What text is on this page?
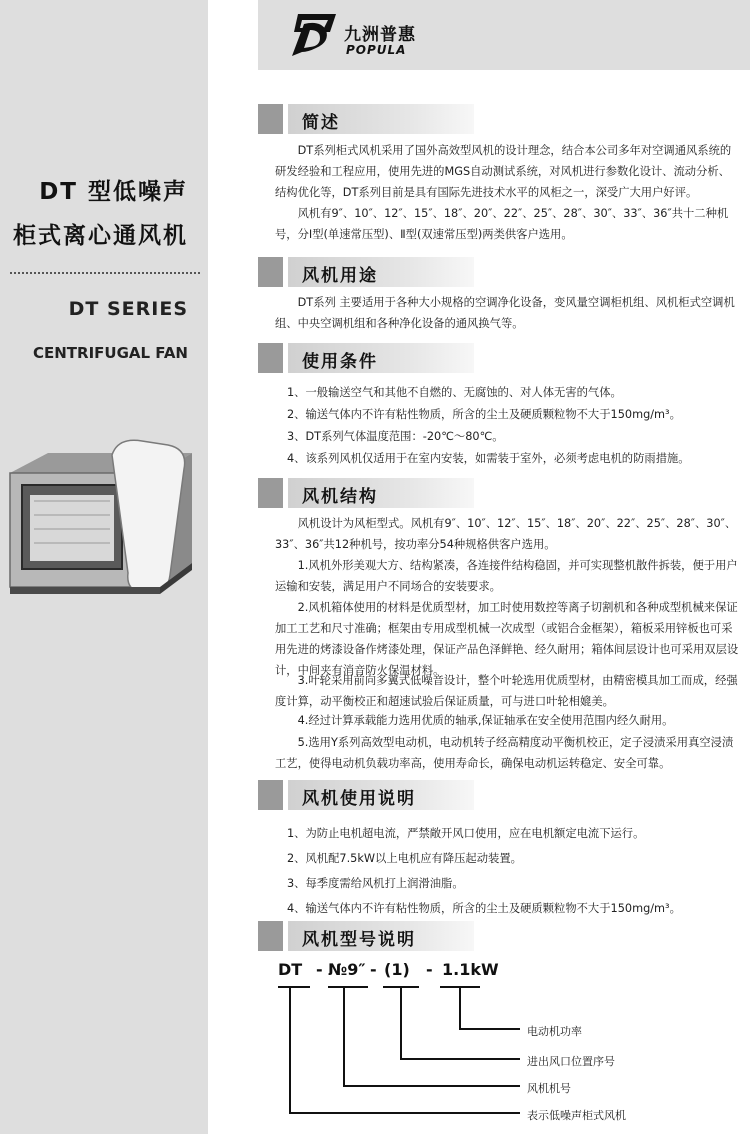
DT 型低噪声
柜式离心通风机
DT SERIES
CENTRIFUGAL FAN
九洲普惠
POPULA
简述

DT系列柜式风机采用了国外高效型风机的设计理念，结合本公司多年对空调通风系统的研发经验和工程应用，使用先进的MGS自动测试系统，对风机进行参数化设计、流动分析、结构优化等，DT系列目前是具有国际先进技术水平的风柜之一，深受广大用户好评。

风机有9″、10″、12″、15″、18″、20″、22″、25″、28″、30″、33″、36″共十二种机号，分Ⅰ型(单速常压型)、Ⅱ型(双速常压型)两类供客户选用。

风机用途

DT系列 主要适用于各种大小规格的空调净化设备，变风量空调柜机组、风机柜式空调机组、中央空调机组和各种净化设备的通风换气等。

使用条件

1、一般输送空气和其他不自燃的、无腐蚀的、对人体无害的气体。

2、输送气体内不许有粘性物质，所含的尘土及硬质颗粒物不大于150mg/m³。

3、DT系列气体温度范围：-20℃～80℃。

4、该系列风机仅适用于在室内安装，如需装于室外，必须考虑电机的防雨措施。

风机结构

风机设计为风柜型式。风机有9″、10″、12″、15″、18″、20″、22″、25″、28″、30″、33″、36″共12种机号，按功率分54种规格供客户选用。

1.风机外形美观大方、结构紧凑，各连接件结构稳固，并可实现整机散件拆装，便于用户运输和安装，满足用户不同场合的安装要求。

2.风机箱体使用的材料是优质型材，加工时使用数控等离子切割机和各种成型机械来保证加工工艺和尺寸准确；框架由专用成型机械一次成型（或铝合金框架），箱板采用锌板也可采用先进的烤漆设备作烤漆处理，保证产品色泽鲜艳、经久耐用；箱体间层设计也可采用双层设计，中间夹有消音防火保温材料。

3.叶轮采用前向多翼式低噪音设计，整个叶轮选用优质型材，由精密模具加工而成，经强度计算，动平衡校正和超速试验后保证质量，可与进口叶轮相媲美。

4.经过计算承载能力选用优质的轴承,保证轴承在安全使用范围内经久耐用。

5.选用Y系列高效型电动机，电动机转子经高精度动平衡机校正，定子浸渍采用真空浸渍工艺，使得电动机负载功率高，使用寿命长，确保电动机运转稳定、安全可靠。

风机使用说明

1、为防止电机超电流，严禁敞开风口使用，应在电机额定电流下运行。

2、风机配7.5kW以上电机应有降压起动装置。

3、每季度需给风机打上润滑油脂。

4、输送气体内不许有粘性物质，所含的尘土及硬质颗粒物不大于150mg/m³。

风机型号说明
DT - №9″ - (1) - 1.1kW
电动机功率
进出风口位置序号
风机机号
表示低噪声柜式风机
